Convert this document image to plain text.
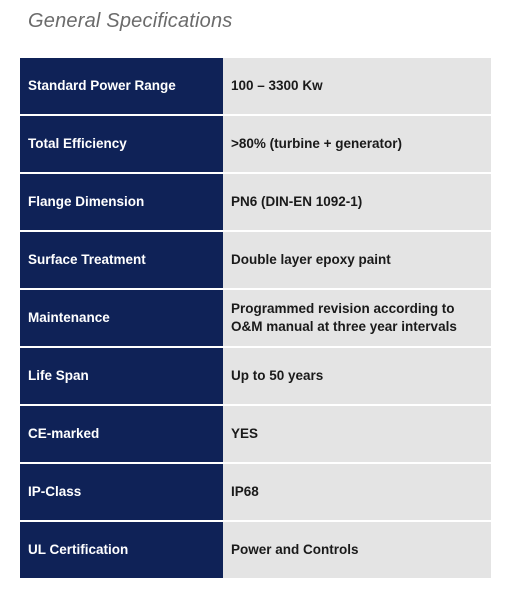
General Specifications
Standard Power Range	100 – 3300 Kw
Total Efficiency	>80% (turbine + generator)
Flange Dimension	PN6 (DIN-EN 1092-1)
Surface Treatment	Double layer epoxy paint
Maintenance	Programmed revision according to O&M manual at three year intervals
Life Span	Up to 50 years
CE-marked	YES
IP-Class	IP68
UL Certification	Power and Controls
